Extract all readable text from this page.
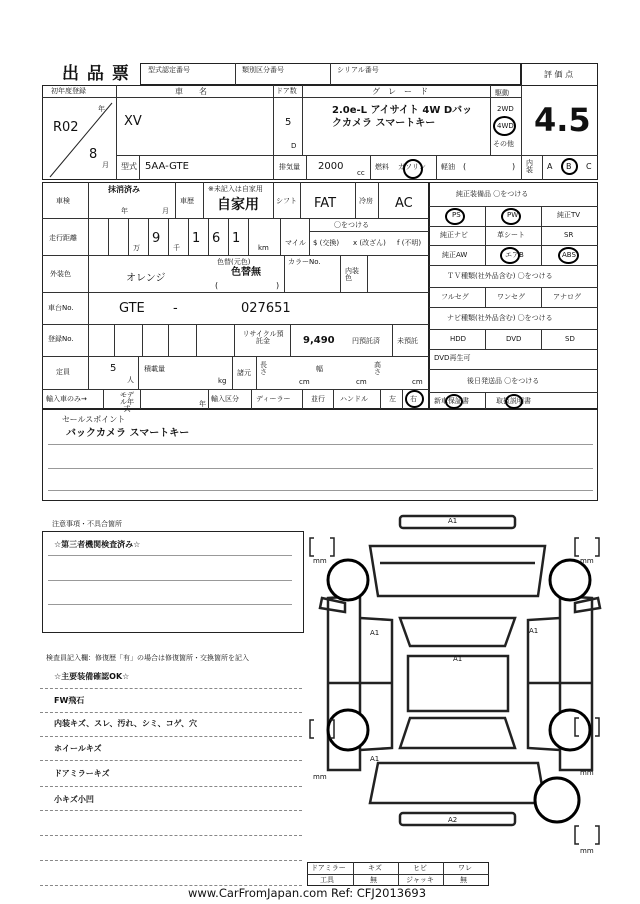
出 品 票	型式認定番号	類別区分番号	シリアル番号	評 価 点
4.5
初年度登録
R02
年
8
月
車　　名
XV
型式 5AA-GTE
ドア数
5
D
排気量 2000
cc
燃料 ガソリン 軽油 (	)
グ　レ　ー　ド
2.0e-L アイサイト 4W Dバックカメラ スマートキー
駆動
2WD
4WD
その他
内装 A B C
車検
抹消済み
年	月
車歴
※未記入は自家用
自家用 シフト FAT	冷房 AC
走行距離	9 1 6 1
万	千	km
マイル
〇をつける
$ (交換) x (改ざん) f (不明)
外装色	オレンジ
色替(元色)
色替無
(	)
カラーNo.
内装色
車台No.	GTE -	027651
登録No.
リサイクル預託金	9,490 円預託済 未預託
定員	5
人
積載量
kg
諸元
長さ
cm
幅
cm
高さ
cm
輸入車のみ→	モデル年式
年
輸入区分 ディーラー	並行 ハンドル	左 右
純正装備品 〇をつける
PS	PW	純正TV
純正ナビ	革シート	SR
純正AW	エアB	ABS
ＴＶ種類(社外品含む) 〇をつける
フルセグ	ワンセグ	アナログ
ナビ種類(社外品含む) 〇をつける
HDD	DVD	SD
DVD再生可
後日発送品 〇をつける
新車保証書	取扱説明書
セールスポイント
バックカメラ スマートキー
注意事項・不具合箇所
☆第三者機関検査済み☆
検査員記入欄：修復歴「有」の場合は修復箇所・交換箇所を記入
☆主要装備確認OK☆
FW飛石
内装キズ、スレ、汚れ、シミ、コゲ、穴
ホイールキズ
ドアミラーキズ
小キズ小凹
A1
A1	A1
A1
A1
A2
mm	mm
mm	mm
mm
ドアミラー	キズ	ヒビ	ワレ
工具	無	ジャッキ	無
www.CarFromJapan.com Ref: CFJ2013693
